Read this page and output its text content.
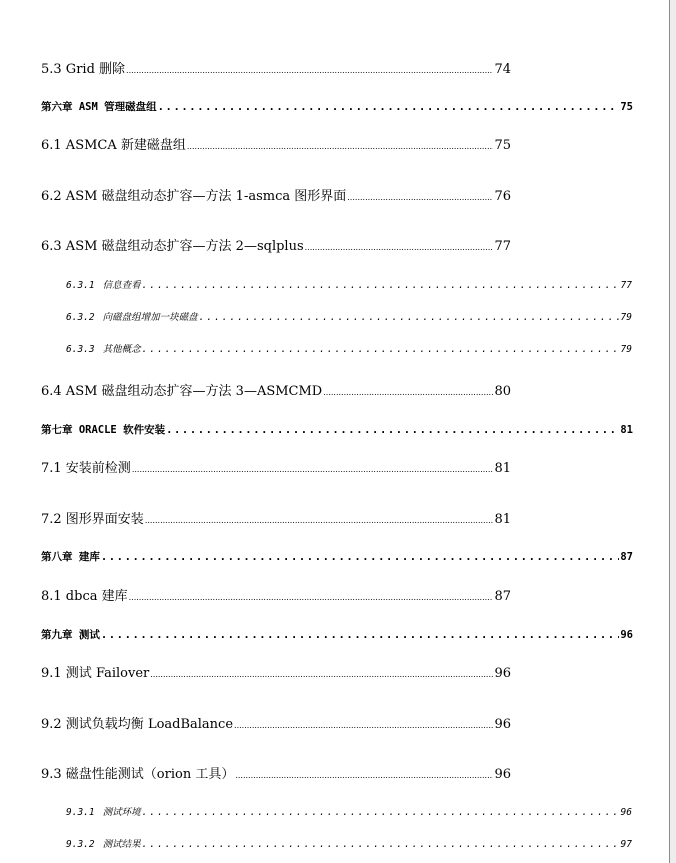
5.3 Grid 删除 .....	74
第六章 ASM 管理磁盘组 .....	75
6.1 ASMCA 新建磁盘组 .....	75
6.2 ASM 磁盘组动态扩容—方法 1-asmca 图形界面 .....	76
6.3 ASM 磁盘组动态扩容—方法 2—sqlplus .....	77
6.3.1 信息查看 .....	77
6.3.2 向磁盘组增加一块磁盘 .....	79
6.3.3 其他概念 .....	79
6.4 ASM 磁盘组动态扩容—方法 3—ASMCMD .....	80
第七章 ORACLE 软件安装 .....	81
7.1 安装前检测 .....	81
7.2 图形界面安装 .....	81
第八章 建库 .....	87
8.1 dbca 建库 .....	87
第九章 测试 .....	96
9.1 测试 Failover .....	96
9.2 测试负载均衡 LoadBalance .....	96
9.3 磁盘性能测试（orion 工具） .....	96
9.3.1 测试环境 .....	96
9.3.2 测试结果 .....	97
